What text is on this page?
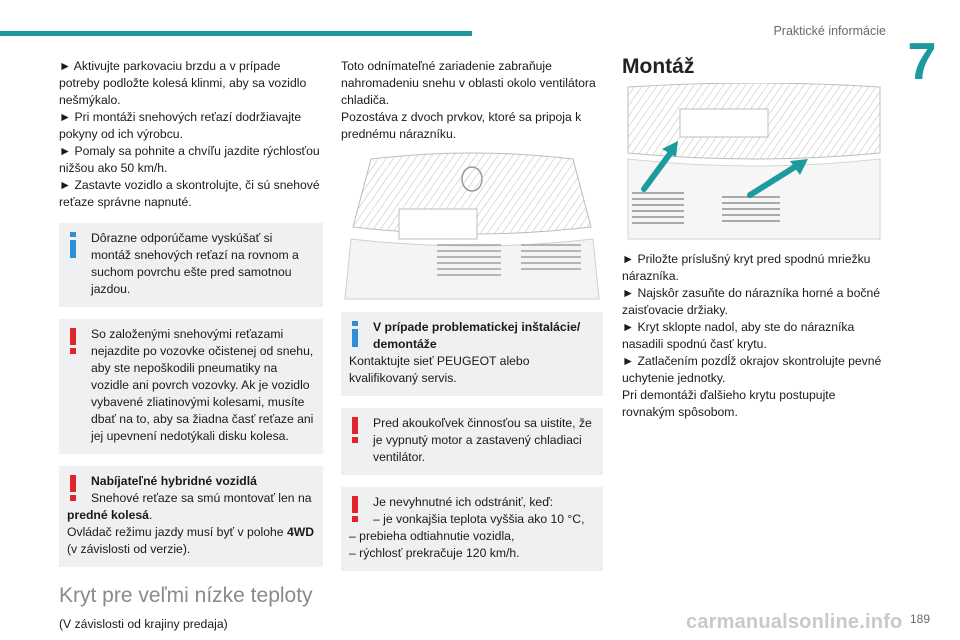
Praktické informácie
7

► Aktivujte parkovaciu brzdu a v prípade potreby podložte kolesá klinmi, aby sa vozidlo nešmýkalo.

► Pri montáži snehových reťazí dodržiavajte pokyny od ich výrobcu.

► Pomaly sa pohnite a chvíľu jazdite rýchlosťou nižšou ako 50 km/h.

► Zastavte vozidlo a skontrolujte, či sú snehové reťaze správne napnuté.

Dôrazne odporúčame vyskúšať si montáž snehových reťazí na rovnom a suchom povrchu ešte pred samotnou jazdou.

So založenými snehovými reťazami nejazdite po vozovke očistenej od snehu, aby ste nepoškodili pneumatiky na vozidle ani povrch vozovky. Ak je vozidlo vybavené zliatinovými kolesami, musíte dbať na to, aby sa žiadna časť reťaze ani jej upevnení nedotýkali disku kolesa.

Nabíjateľné hybridné vozidlá

Snehové reťaze sa smú montovať len na

predné kolesá.

Ovládač režimu jazdy musí byť v polohe 4WD

(v závislosti od verzie).

Kryt pre veľmi nízke teploty

(V závislosti od krajiny predaja)

Toto odnímateľné zariadenie zabraňuje nahromadeniu snehu v oblasti okolo ventilátora chladiča.

Pozostáva z dvoch prvkov, ktoré sa pripoja k prednému nárazníku.

V prípade problematickej inštalácie/ demontáže

Kontaktujte sieť PEUGEOT alebo kvalifikovaný servis.

Pred akoukoľvek činnosťou sa uistite, že je vypnutý motor a zastavený chladiaci ventilátor.

Je nevyhnutné ich odstrániť, keď:

– je vonkajšia teplota vyššia ako 10 °C,

– prebieha odtiahnutie vozidla,

– rýchlosť prekračuje 120 km/h.

Montáž

► Priložte príslušný kryt pred spodnú mriežku nárazníka.

► Najskôr zasuňte do nárazníka horné a bočné zaisťovacie držiaky.

► Kryt sklopte nadol, aby ste do nárazníka nasadili spodnú časť krytu.

► Zatlačením pozdĺž okrajov skontrolujte pevné uchytenie jednotky.

Pri demontáži ďalšieho krytu postupujte rovnakým spôsobom.

carmanualsonline.info 189
